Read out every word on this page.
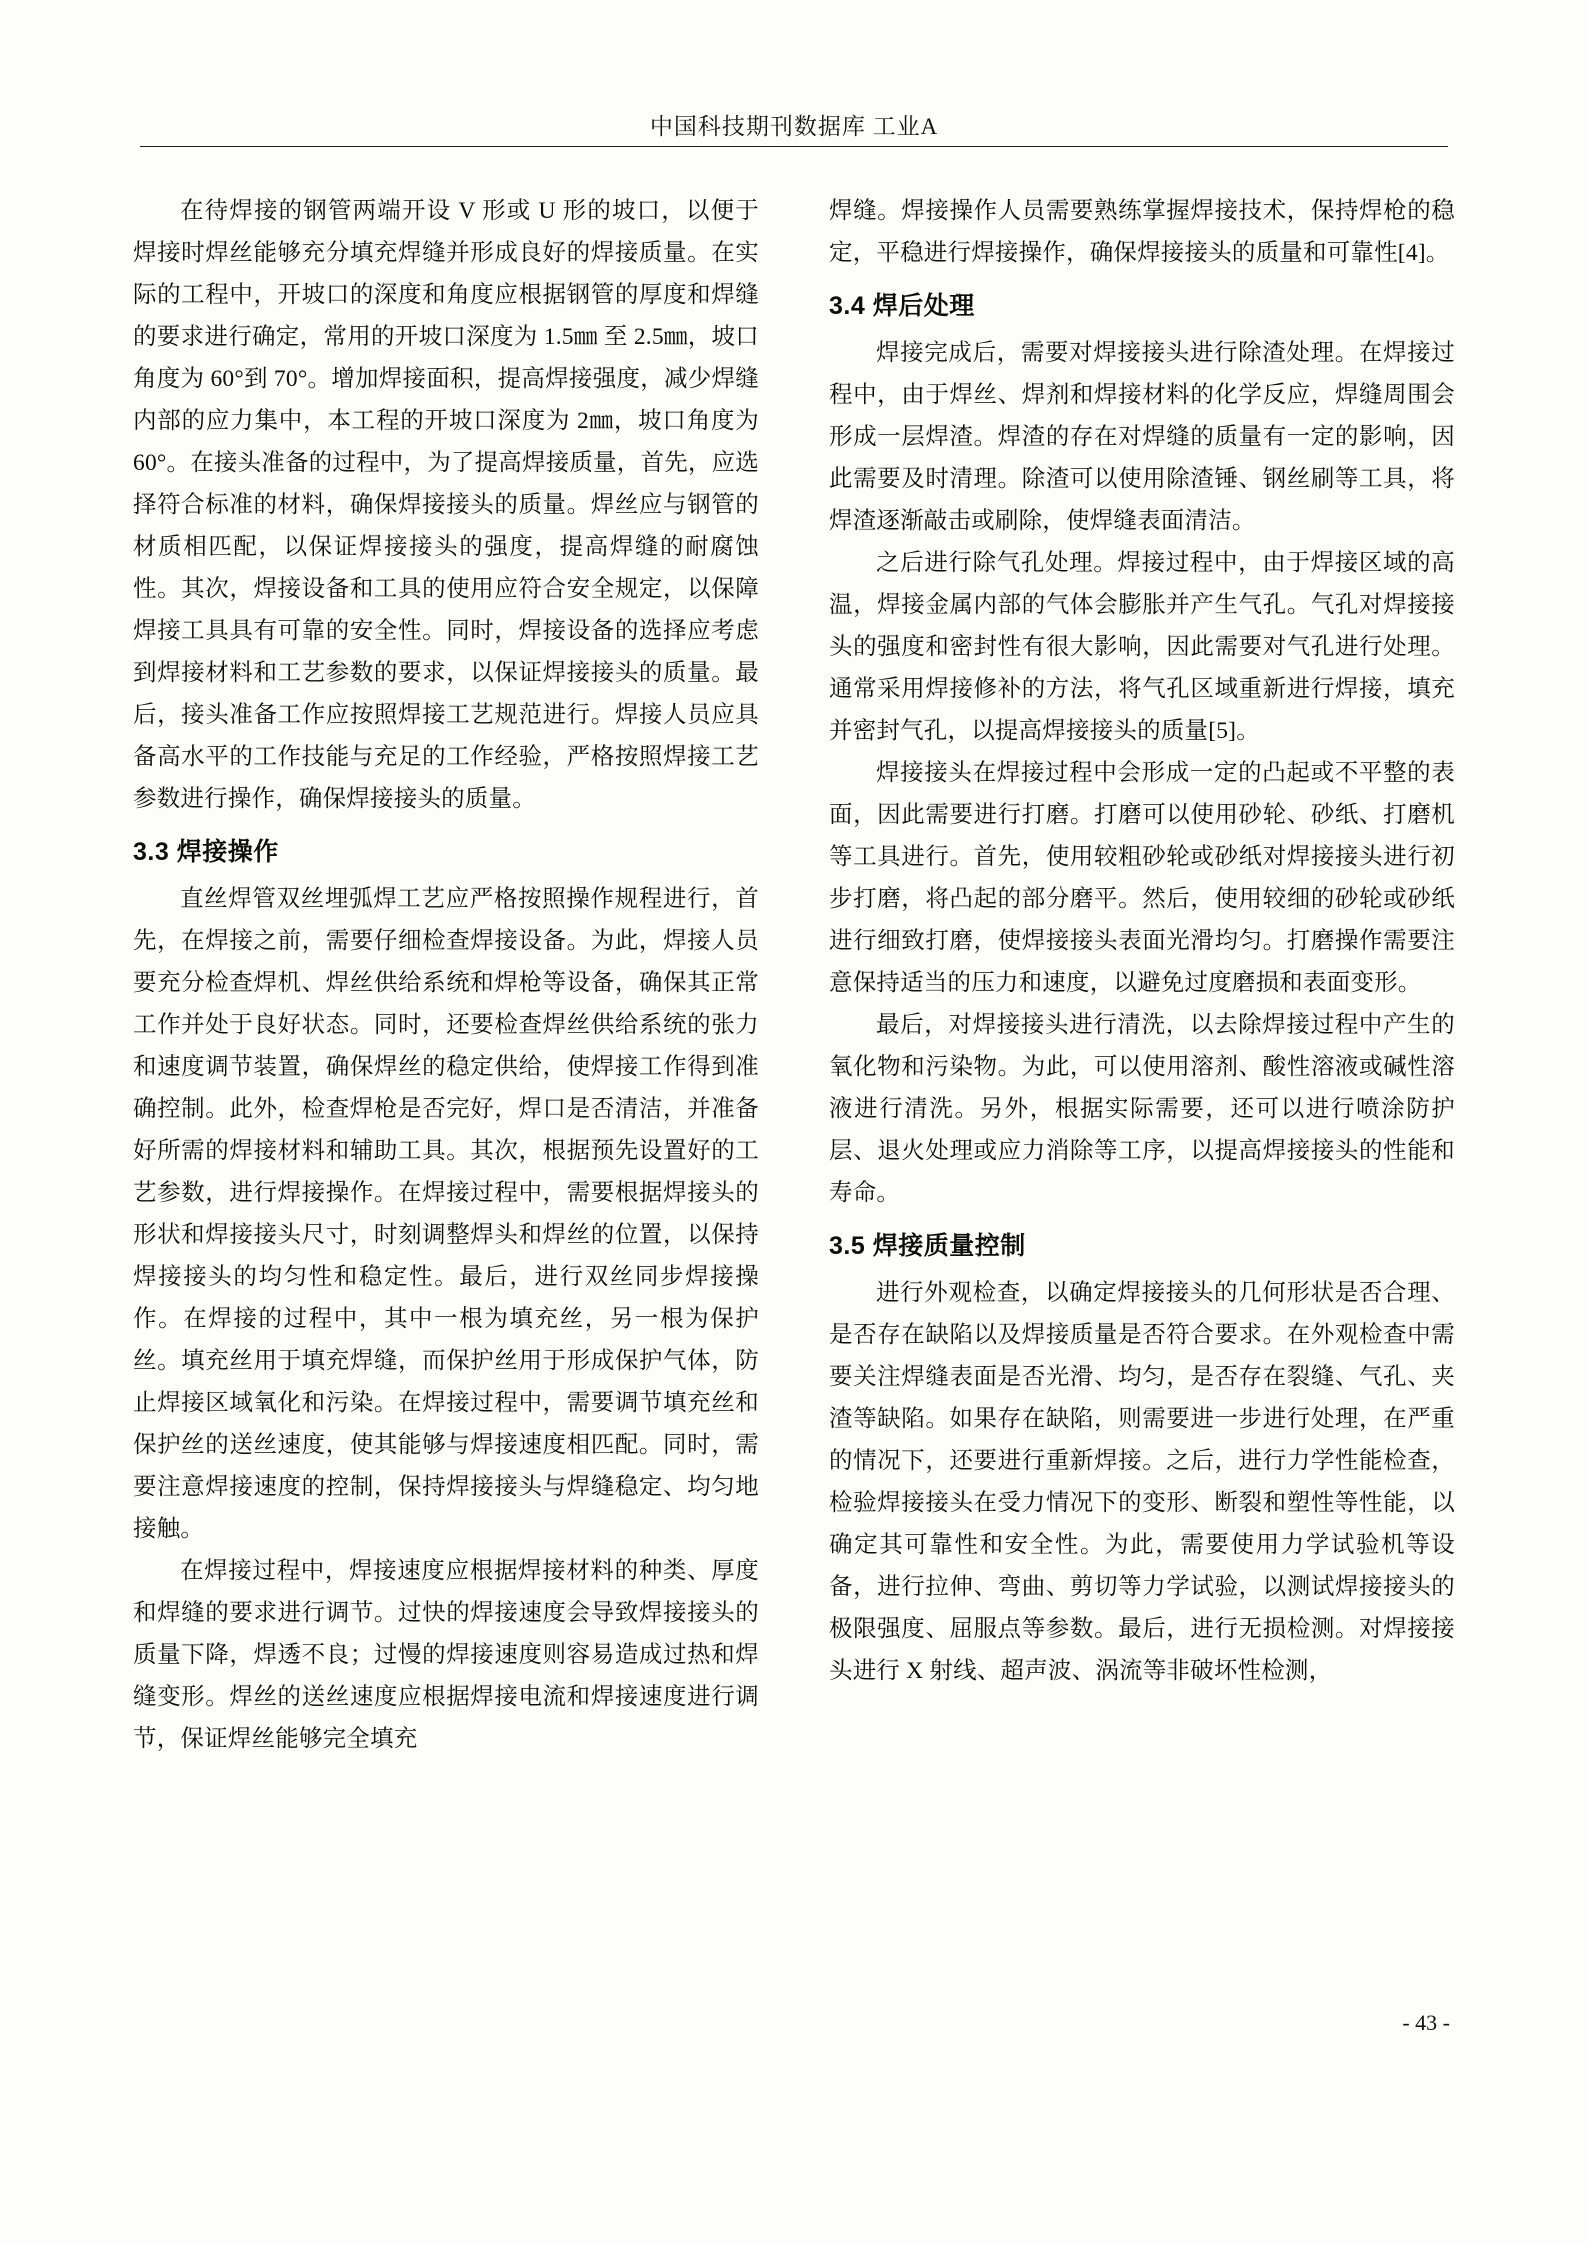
中国科技期刊数据库 工业A

在待焊接的钢管两端开设 V 形或 U 形的坡口，以便于焊接时焊丝能够充分填充焊缝并形成良好的焊接质量。在实际的工程中，开坡口的深度和角度应根据钢管的厚度和焊缝的要求进行确定，常用的开坡口深度为 1.5㎜ 至 2.5㎜，坡口角度为 60°到 70°。增加焊接面积，提高焊接强度，减少焊缝内部的应力集中，本工程的开坡口深度为 2㎜，坡口角度为 60°。在接头准备的过程中，为了提高焊接质量，首先，应选择符合标准的材料，确保焊接接头的质量。焊丝应与钢管的材质相匹配，以保证焊接接头的强度，提高焊缝的耐腐蚀性。其次，焊接设备和工具的使用应符合安全规定，以保障焊接工具具有可靠的安全性。同时，焊接设备的选择应考虑到焊接材料和工艺参数的要求，以保证焊接接头的质量。最后，接头准备工作应按照焊接工艺规范进行。焊接人员应具备高水平的工作技能与充足的工作经验，严格按照焊接工艺参数进行操作，确保焊接接头的质量。

3.3 焊接操作

直丝焊管双丝埋弧焊工艺应严格按照操作规程进行，首先，在焊接之前，需要仔细检查焊接设备。为此，焊接人员要充分检查焊机、焊丝供给系统和焊枪等设备，确保其正常工作并处于良好状态。同时，还要检查焊丝供给系统的张力和速度调节装置，确保焊丝的稳定供给，使焊接工作得到准确控制。此外，检查焊枪是否完好，焊口是否清洁，并准备好所需的焊接材料和辅助工具。其次，根据预先设置好的工艺参数，进行焊接操作。在焊接过程中，需要根据焊接头的形状和焊接接头尺寸，时刻调整焊头和焊丝的位置，以保持焊接接头的均匀性和稳定性。最后，进行双丝同步焊接操作。在焊接的过程中，其中一根为填充丝，另一根为保护丝。填充丝用于填充焊缝，而保护丝用于形成保护气体，防止焊接区域氧化和污染。在焊接过程中，需要调节填充丝和保护丝的送丝速度，使其能够与焊接速度相匹配。同时，需要注意焊接速度的控制，保持焊接接头与焊缝稳定、均匀地接触。

在焊接过程中，焊接速度应根据焊接材料的种类、厚度和焊缝的要求进行调节。过快的焊接速度会导致焊接接头的质量下降，焊透不良；过慢的焊接速度则容易造成过热和焊缝变形。焊丝的送丝速度应根据焊接电流和焊接速度进行调节，保证焊丝能够完全填充

焊缝。焊接操作人员需要熟练掌握焊接技术，保持焊枪的稳定，平稳进行焊接操作，确保焊接接头的质量和可靠性[4]。

3.4 焊后处理

焊接完成后，需要对焊接接头进行除渣处理。在焊接过程中，由于焊丝、焊剂和焊接材料的化学反应，焊缝周围会形成一层焊渣。焊渣的存在对焊缝的质量有一定的影响，因此需要及时清理。除渣可以使用除渣锤、钢丝刷等工具，将焊渣逐渐敲击或刷除，使焊缝表面清洁。

之后进行除气孔处理。焊接过程中，由于焊接区域的高温，焊接金属内部的气体会膨胀并产生气孔。气孔对焊接接头的强度和密封性有很大影响，因此需要对气孔进行处理。通常采用焊接修补的方法，将气孔区域重新进行焊接，填充并密封气孔，以提高焊接接头的质量[5]。

焊接接头在焊接过程中会形成一定的凸起或不平整的表面，因此需要进行打磨。打磨可以使用砂轮、砂纸、打磨机等工具进行。首先，使用较粗砂轮或砂纸对焊接接头进行初步打磨，将凸起的部分磨平。然后，使用较细的砂轮或砂纸进行细致打磨，使焊接接头表面光滑均匀。打磨操作需要注意保持适当的压力和速度，以避免过度磨损和表面变形。

最后，对焊接接头进行清洗，以去除焊接过程中产生的氧化物和污染物。为此，可以使用溶剂、酸性溶液或碱性溶液进行清洗。另外，根据实际需要，还可以进行喷涂防护层、退火处理或应力消除等工序，以提高焊接接头的性能和寿命。

3.5 焊接质量控制

进行外观检查，以确定焊接接头的几何形状是否合理、是否存在缺陷以及焊接质量是否符合要求。在外观检查中需要关注焊缝表面是否光滑、均匀，是否存在裂缝、气孔、夹渣等缺陷。如果存在缺陷，则需要进一步进行处理，在严重的情况下，还要进行重新焊接。之后，进行力学性能检查，检验焊接接头在受力情况下的变形、断裂和塑性等性能，以确定其可靠性和安全性。为此，需要使用力学试验机等设备，进行拉伸、弯曲、剪切等力学试验，以测试焊接接头的极限强度、屈服点等参数。最后，进行无损检测。对焊接接头进行 X 射线、超声波、涡流等非破坏性检测，

- 43 -
